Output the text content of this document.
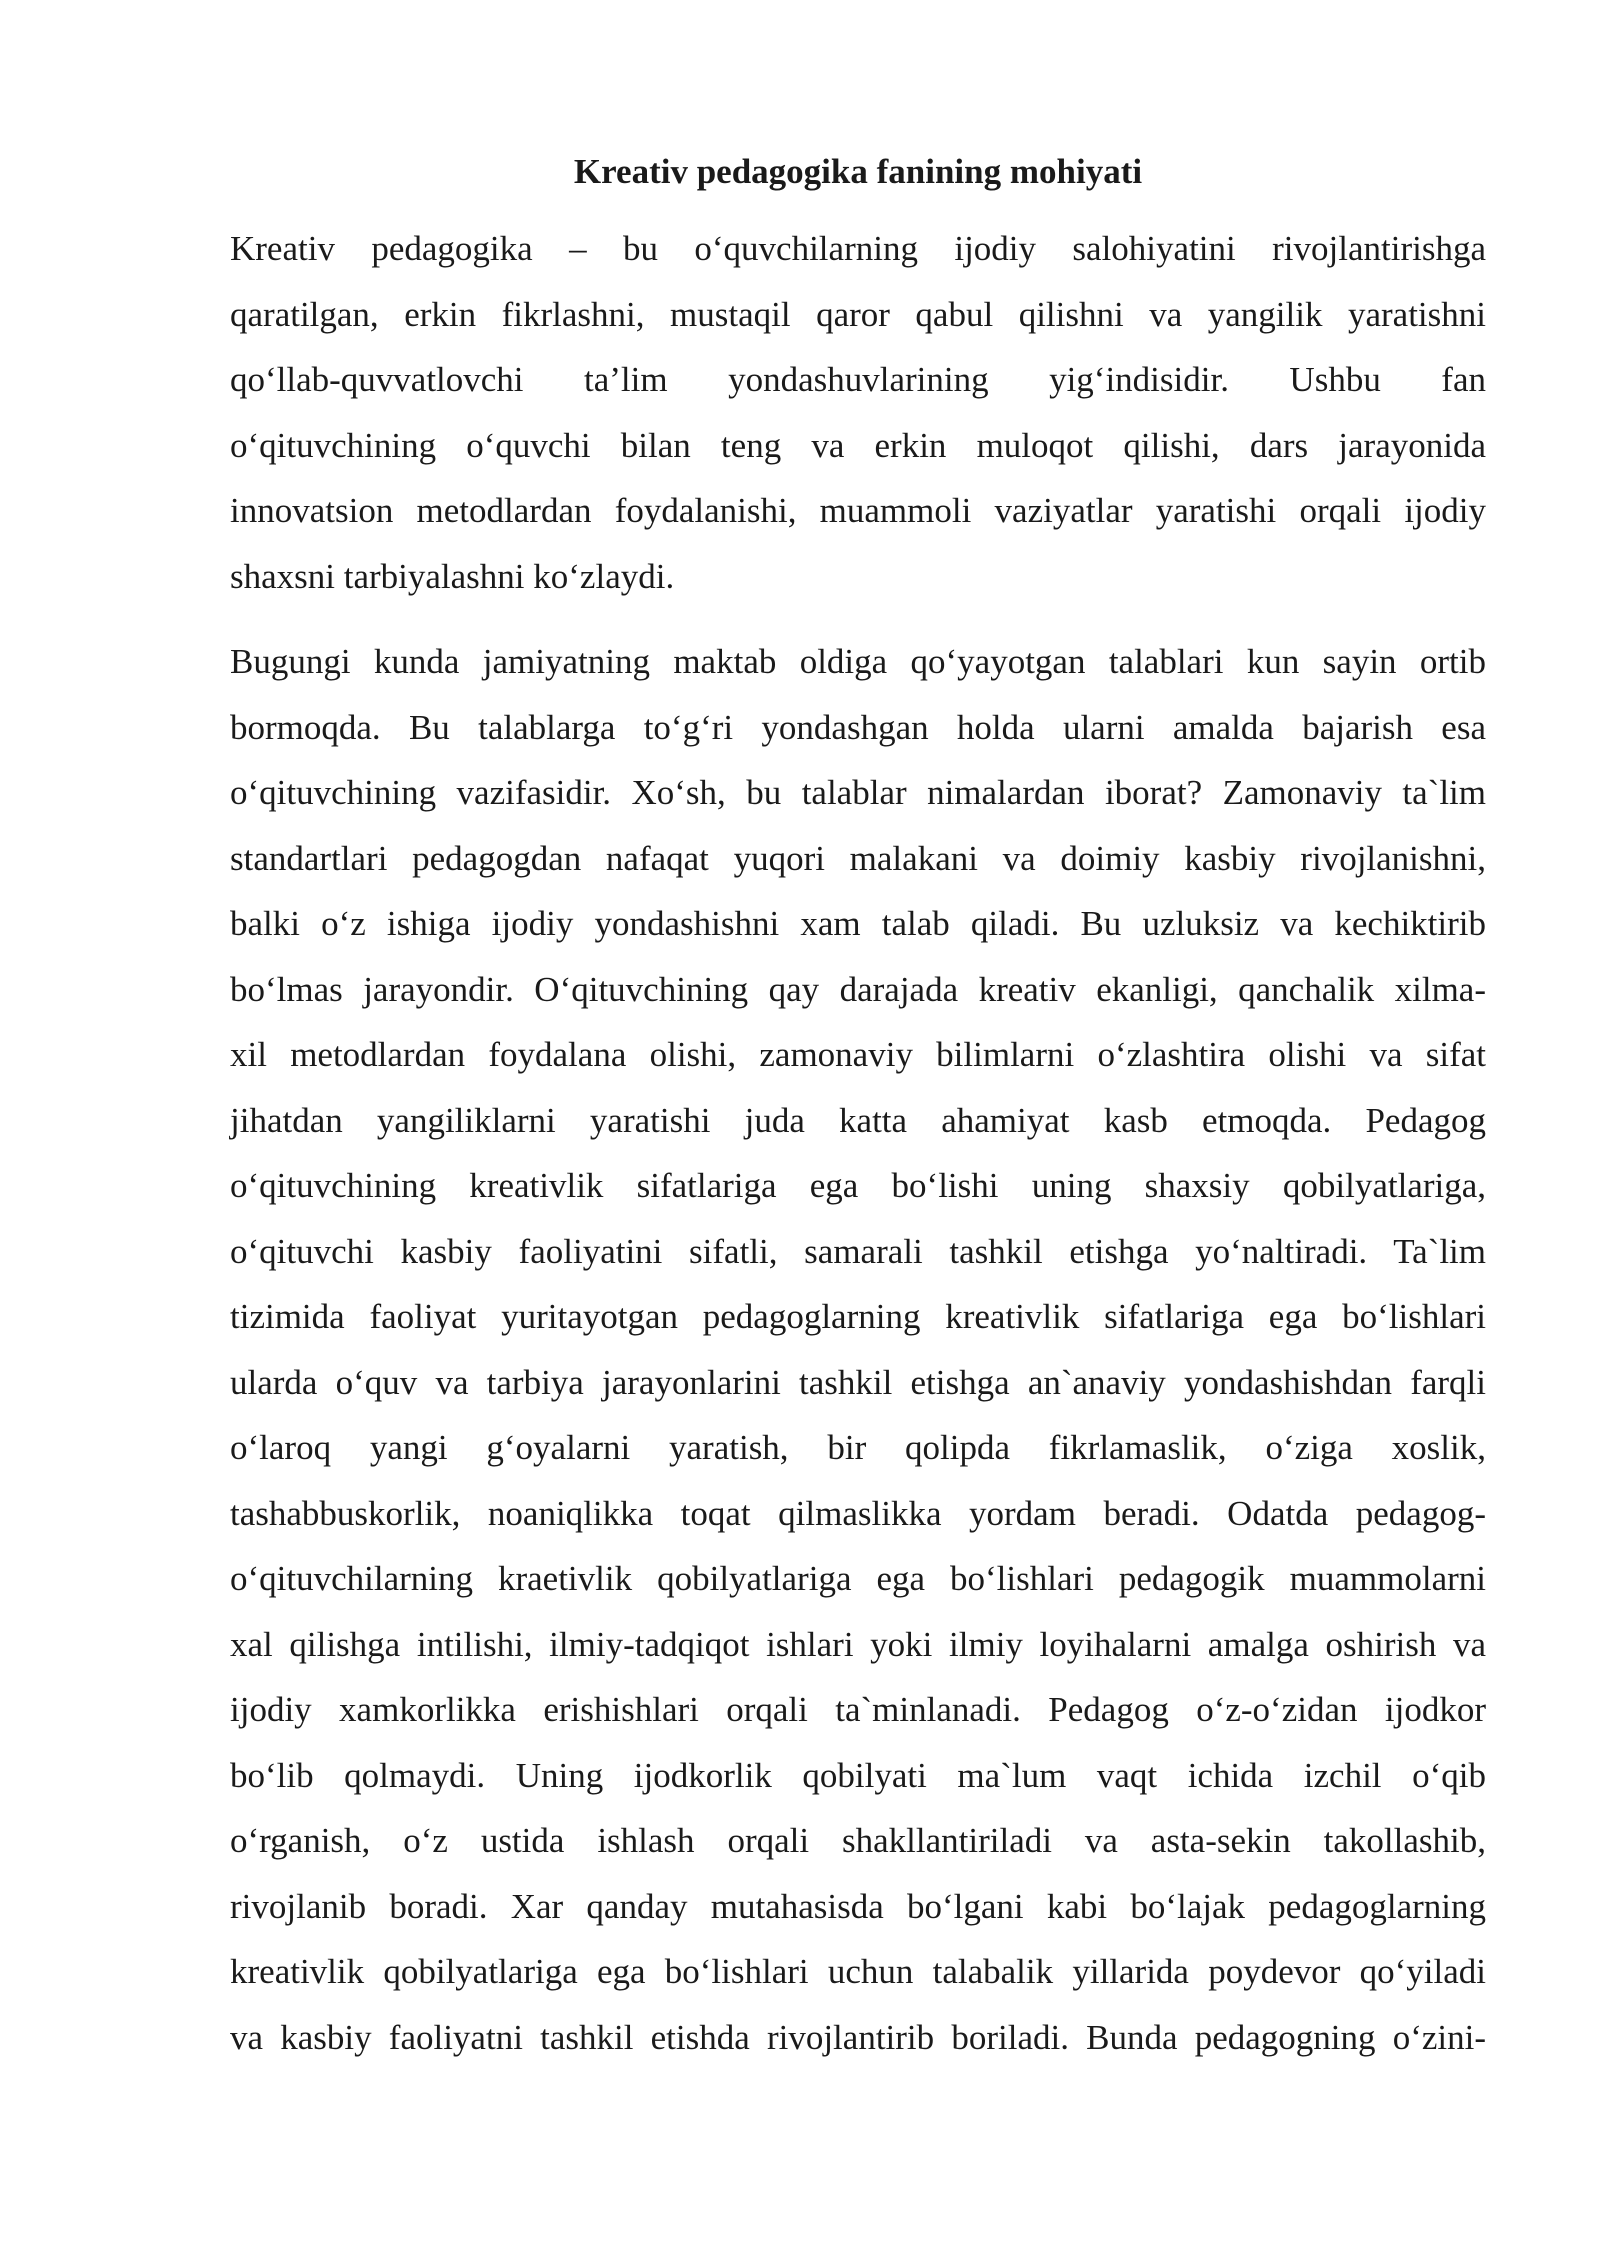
Kreativ pedagogika fanining mohiyati
Kreativ pedagogika – bu o‘quvchilarning ijodiy salohiyatini rivojlantirishga
qaratilgan, erkin fikrlashni, mustaqil qaror qabul qilishni va yangilik yaratishni
qo‘llab-quvvatlovchi ta’lim yondashuvlarining yig‘indisidir. Ushbu fan
o‘qituvchining o‘quvchi bilan teng va erkin muloqot qilishi, dars jarayonida
innovatsion metodlardan foydalanishi, muammoli vaziyatlar yaratishi orqali ijodiy
shaxsni tarbiyalashni ko‘zlaydi.
Bugungi kunda jamiyatning maktab oldiga qo‘yayotgan talablari kun sayin ortib
bormoqda. Bu talablarga to‘g‘ri yondashgan holda ularni amalda bajarish esa
o‘qituvchining vazifasidir. Xo‘sh, bu talablar nimalardan iborat? Zamonaviy ta`lim
standartlari pedagogdan nafaqat yuqori malakani va doimiy kasbiy rivojlanishni,
balki o‘z ishiga ijodiy yondashishni xam talab qiladi. Bu uzluksiz va kechiktirib
bo‘lmas jarayondir. O‘qituvchining qay darajada kreativ ekanligi, qanchalik xilma-
xil metodlardan foydalana olishi, zamonaviy bilimlarni o‘zlashtira olishi va sifat
jihatdan yangiliklarni yaratishi juda katta ahamiyat kasb etmoqda. Pedagog
o‘qituvchining kreativlik sifatlariga ega bo‘lishi uning shaxsiy qobilyatlariga,
o‘qituvchi kasbiy faoliyatini sifatli, samarali tashkil etishga yo‘naltiradi. Ta`lim
tizimida faoliyat yuritayotgan pedagoglarning kreativlik sifatlariga ega bo‘lishlari
ularda o‘quv va tarbiya jarayonlarini tashkil etishga an`anaviy yondashishdan farqli
o‘laroq yangi g‘oyalarni yaratish, bir qolipda fikrlamaslik, o‘ziga xoslik,
tashabbuskorlik, noaniqlikka toqat qilmaslikka yordam beradi. Odatda pedagog-
o‘qituvchilarning kraetivlik qobilyatlariga ega bo‘lishlari pedagogik muammolarni
xal qilishga intilishi, ilmiy-tadqiqot ishlari yoki ilmiy loyihalarni amalga oshirish va
ijodiy xamkorlikka erishishlari orqali ta`minlanadi. Pedagog o‘z-o‘zidan ijodkor
bo‘lib qolmaydi. Uning ijodkorlik qobilyati ma`lum vaqt ichida izchil o‘qib
o‘rganish, o‘z ustida ishlash orqali shakllantiriladi va asta-sekin takollashib,
rivojlanib boradi. Xar qanday mutahasisda bo‘lgani kabi bo‘lajak pedagoglarning
kreativlik qobilyatlariga ega bo‘lishlari uchun talabalik yillarida poydevor qo‘yiladi
va kasbiy faoliyatni tashkil etishda rivojlantirib boriladi. Bunda pedagogning o‘zini-
